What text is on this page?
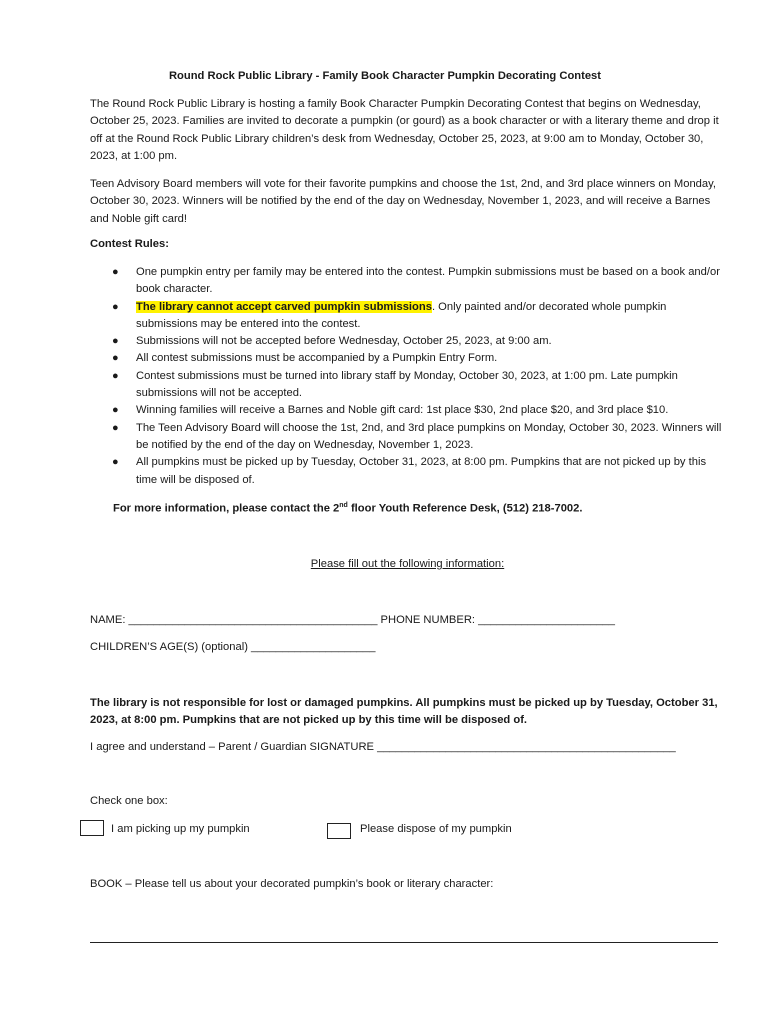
Round Rock Public Library - Family Book Character Pumpkin Decorating Contest
The Round Rock Public Library is hosting a family Book Character Pumpkin Decorating Contest that begins on Wednesday, October 25, 2023. Families are invited to decorate a pumpkin (or gourd) as a book character or with a literary theme and drop it off at the Round Rock Public Library children’s desk from Wednesday, October 25, 2023, at 9:00 am to Monday, October 30, 2023, at 1:00 pm.
Teen Advisory Board members will vote for their favorite pumpkins and choose the 1st, 2nd, and 3rd place winners on Monday, October 30, 2023. Winners will be notified by the end of the day on Wednesday, November 1, 2023, and will receive a Barnes and Noble gift card!
Contest Rules:
● One pumpkin entry per family may be entered into the contest. Pumpkin submissions must be based on a book and/or book character.
● The library cannot accept carved pumpkin submissions. Only painted and/or decorated whole pumpkin submissions may be entered into the contest.
● Submissions will not be accepted before Wednesday, October 25, 2023, at 9:00 am.
● All contest submissions must be accompanied by a Pumpkin Entry Form.
● Contest submissions must be turned into library staff by Monday, October 30, 2023, at 1:00 pm. Late pumpkin submissions will not be accepted.
● Winning families will receive a Barnes and Noble gift card: 1st place $30, 2nd place $20, and 3rd place $10.
● The Teen Advisory Board will choose the 1st, 2nd, and 3rd place pumpkins on Monday, October 30, 2023. Winners will be notified by the end of the day on Wednesday, November 1, 2023.
● All pumpkins must be picked up by Tuesday, October 31, 2023, at 8:00 pm. Pumpkins that are not picked up by this time will be disposed of.
For more information, please contact the 2nd floor Youth Reference Desk, (512) 218-7002.
Please fill out the following information:
NAME: ________________________________________ PHONE NUMBER: ______________________
CHILDREN’S AGE(S) (optional) ____________________
The library is not responsible for lost or damaged pumpkins. All pumpkins must be picked up by Tuesday, October 31, 2023, at 8:00 pm. Pumpkins that are not picked up by this time will be disposed of.
I agree and understand – Parent / Guardian SIGNATURE ________________________________________________
Check one box:
I am picking up my pumpkin	Please dispose of my pumpkin
BOOK – Please tell us about your decorated pumpkin’s book or literary character:
